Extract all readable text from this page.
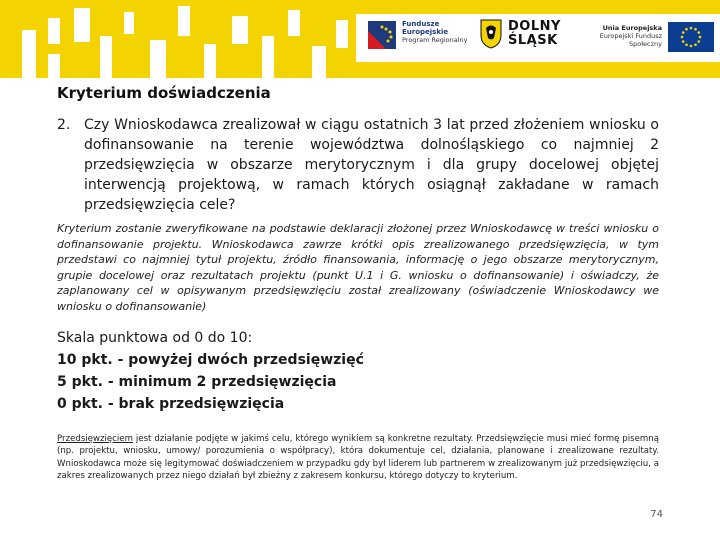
Fundusze
Europejskie
Program Regionalny
DOLNY
ŚLĄSK
Unia Europejska
Europejski Fundusz Społeczny
Kryterium doświadczenia
2. Czy Wnioskodawca zrealizował w ciągu ostatnich 3 lat przed złożeniem wniosku o dofinansowanie na terenie województwa dolnośląskiego co najmniej 2 przedsięwzięcia w obszarze merytorycznym i dla grupy docelowej objętej interwencją projektową, w ramach których osiągnął zakładane w ramach przedsięwzięcia cele?
Kryterium zostanie zweryfikowane na podstawie deklaracji złożonej przez Wnioskodawcę w treści wniosku o dofinansowanie projektu. Wnioskodawca zawrze krótki opis zrealizowanego przedsięwzięcia, w tym przedstawi co najmniej tytuł projektu, źródło finansowania, informację o jego obszarze merytorycznym, grupie docelowej oraz rezultatach projektu (punkt U.1 i G. wniosku o dofinansowanie) i oświadczy, że zaplanowany cel w opisywanym przedsięwzięciu został zrealizowany (oświadczenie Wnioskodawcy we wniosku o dofinansowanie)
Skala punktowa od 0 do 10:
10 pkt. - powyżej dwóch przedsięwzięć
5 pkt. - minimum 2 przedsięwzięcia
0 pkt. - brak przedsięwzięcia
Przedsięwzięciem jest działanie podjęte w jakimś celu, którego wynikiem są konkretne rezultaty. Przedsięwzięcie musi mieć formę pisemną (np. projektu, wniosku, umowy/ porozumienia o współpracy), która dokumentuje cel, działania, planowane i zrealizowane rezultaty. Wnioskodawca może się legitymować doświadczeniem w przypadku gdy był liderem lub partnerem w zrealizowanym już przedsięwzięciu, a zakres zrealizowanych przez niego działań był zbieżny z zakresem konkursu, którego dotyczy to kryterium.
74
